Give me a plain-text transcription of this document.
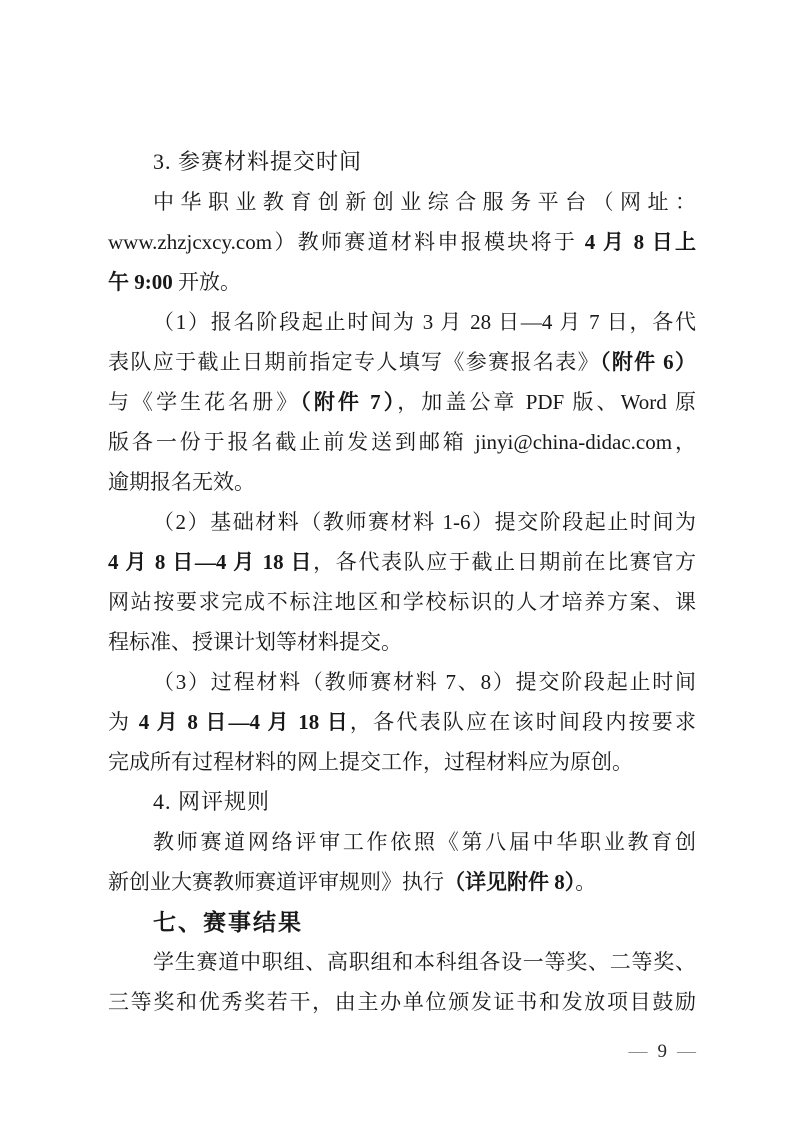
3. 参赛材料提交时间
中华职业教育创新创业综合服务平台（网址：
www.zhzjcxcy.com）教师赛道材料申报模块将于 4 月 8 日上
午 9:00 开放。
（1）报名阶段起止时间为 3 月 28 日—4 月 7 日，各代
表队应于截止日期前指定专人填写《参赛报名表》（附件 6）
与《学生花名册》（附件 7），加盖公章 PDF 版、Word 原
版各一份于报名截止前发送到邮箱 jinyi@china-didac.com，
逾期报名无效。
（2）基础材料（教师赛材料 1-6）提交阶段起止时间为
4 月 8 日—4 月 18 日，各代表队应于截止日期前在比赛官方
网站按要求完成不标注地区和学校标识的人才培养方案、课
程标准、授课计划等材料提交。
（3）过程材料（教师赛材料 7、8）提交阶段起止时间
为 4 月 8 日—4 月 18 日，各代表队应在该时间段内按要求
完成所有过程材料的网上提交工作，过程材料应为原创。
4. 网评规则
教师赛道网络评审工作依照《第八届中华职业教育创
新创业大赛教师赛道评审规则》执行（详见附件 8）。
七、赛事结果
学生赛道中职组、高职组和本科组各设一等奖、二等奖、
三等奖和优秀奖若干，由主办单位颁发证书和发放项目鼓励
— 9 —
